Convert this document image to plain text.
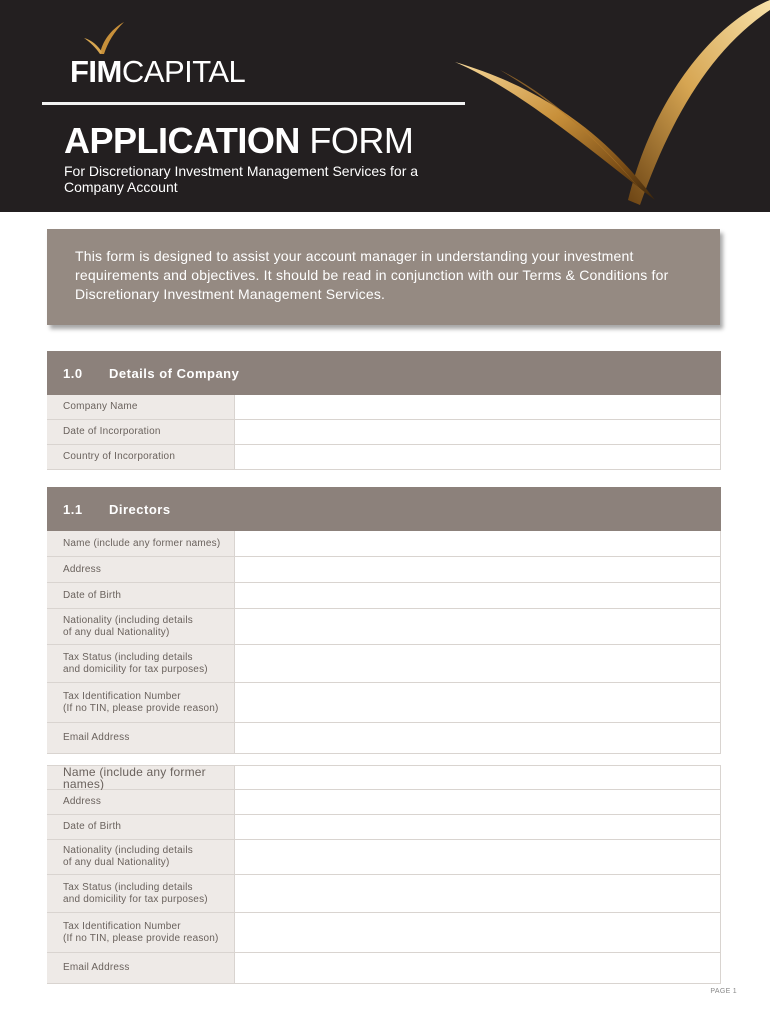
FIMCAPITAL
APPLICATION FORM
For Discretionary Investment Management Services for a Company Account

This form is designed to assist your account manager in understanding your investment requirements and objectives. It should be read in conjunction with our Terms & Conditions for Discretionary Investment Management Services.

1.0	Details of Company
Company Name
Date of Incorporation
Country of Incorporation
1.1	Directors
Name (include any former names)
Address
Date of Birth
Nationality (including details
of any dual Nationality)
Tax Status (including details
and domicility for tax purposes)
Tax Identification Number
(If no TIN, please provide reason)
Email Address
Name (include any former names)
Address
Date of Birth
Nationality (including details
of any dual Nationality)
Tax Status (including details
and domicility for tax purposes)
Tax Identification Number
(If no TIN, please provide reason)
Email Address
PAGE 1
